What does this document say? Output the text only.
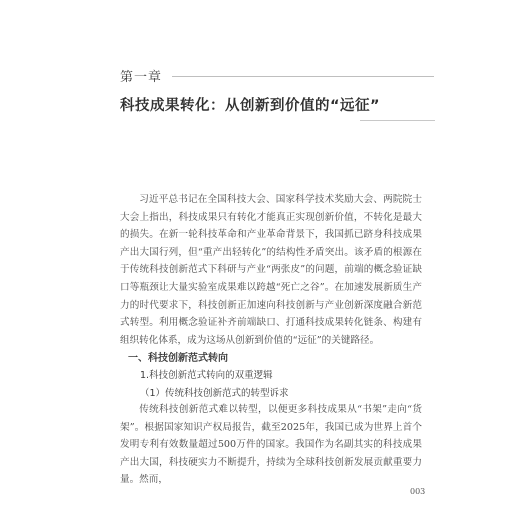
第一章
科技成果转化：从创新到价值的“远征”

习近平总书记在全国科技大会、国家科学技术奖励大会、两院院士大会上指出，科技成果只有转化才能真正实现创新价值，不转化是最大的损失。在新一轮科技革命和产业革命背景下，我国抓已跻身科技成果产出大国行列，但“重产出轻转化”的结构性矛盾突出。该矛盾的根源在于传统科技创新范式下科研与产业“两张皮”的问题，前端的概念验证缺口等瓶颈让大量实验室成果难以跨越“死亡之谷”。在加速发展新质生产力的时代要求下，科技创新正加速向科技创新与产业创新深度融合新范式转型。利用概念验证补齐前端缺口、打通科技成果转化链条、构建有组织转化体系，成为这场从创新到价值的“远征”的关键路径。

一、科技创新范式转向
1.科技创新范式转向的双重逻辑
（1）传统科技创新范式的转型诉求

传统科技创新范式难以转型，以便更多科技成果从“书架”走向“货架”。根据国家知识产权局报告，截至2025年，我国已成为世界上首个发明专利有效数量超过500万件的国家。我国作为名副其实的科技成果产出大国，科技硬实力不断提升，持续为全球科技创新发展贡献重要力量。然而，

003
